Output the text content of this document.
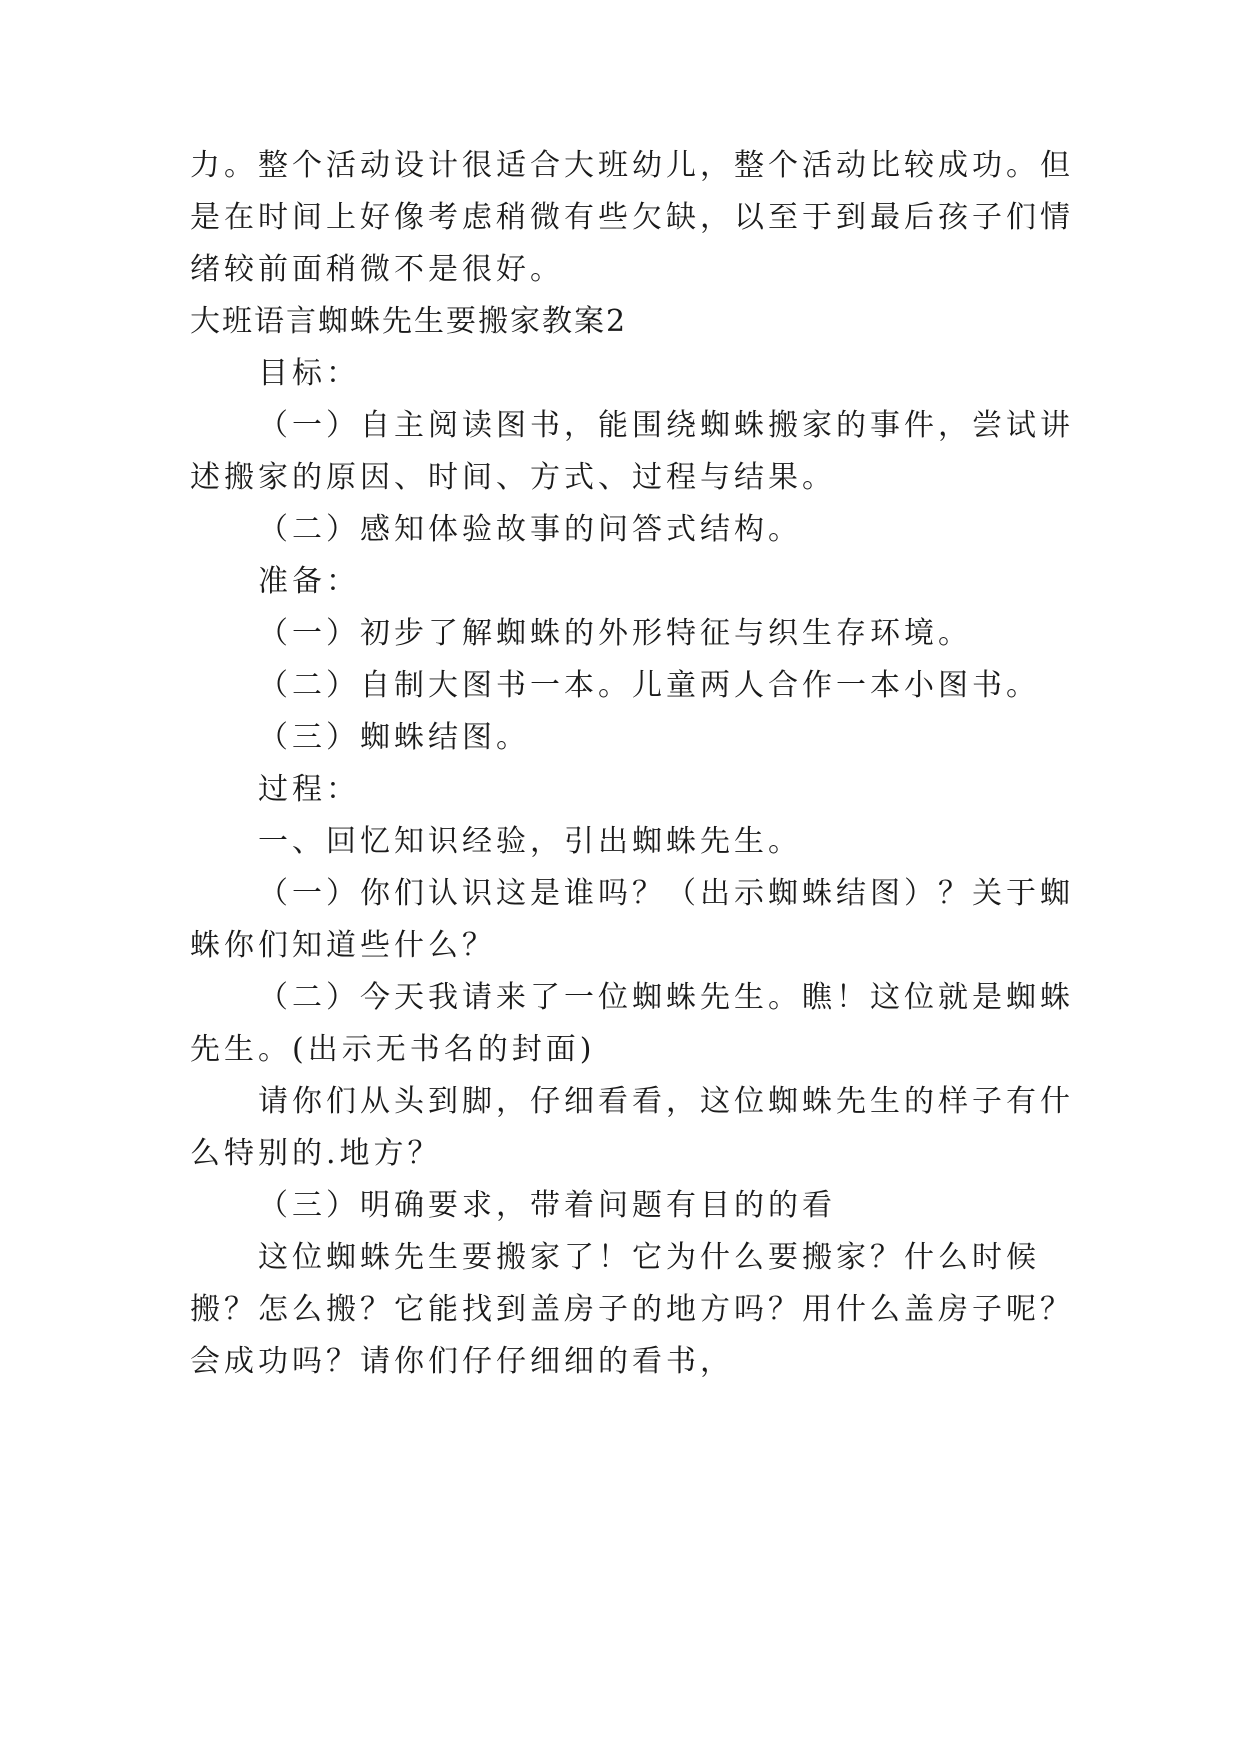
力。整个活动设计很适合大班幼儿，整个活动比较成功。但
是在时间上好像考虑稍微有些欠缺，以至于到最后孩子们情
绪较前面稍微不是很好。
大班语言蜘蛛先生要搬家教案2
目标：
（一）自主阅读图书，能围绕蜘蛛搬家的事件，尝试讲
述搬家的原因、时间、方式、过程与结果。
（二）感知体验故事的问答式结构。
准备：
（一）初步了解蜘蛛的外形特征与织生存环境。
（二）自制大图书一本。儿童两人合作一本小图书。
（三）蜘蛛结图。
过程：
一、回忆知识经验，引出蜘蛛先生。
（一）你们认识这是谁吗？（出示蜘蛛结图）？关于蜘
蛛你们知道些什么？
（二）今天我请来了一位蜘蛛先生。瞧！这位就是蜘蛛
先生。(出示无书名的封面)
请你们从头到脚，仔细看看，这位蜘蛛先生的样子有什
么特别的.地方？
（三）明确要求，带着问题有目的的看
这位蜘蛛先生要搬家了！它为什么要搬家？什么时候
搬？怎么搬？它能找到盖房子的地方吗？用什么盖房子呢？
会成功吗？请你们仔仔细细的看书，
